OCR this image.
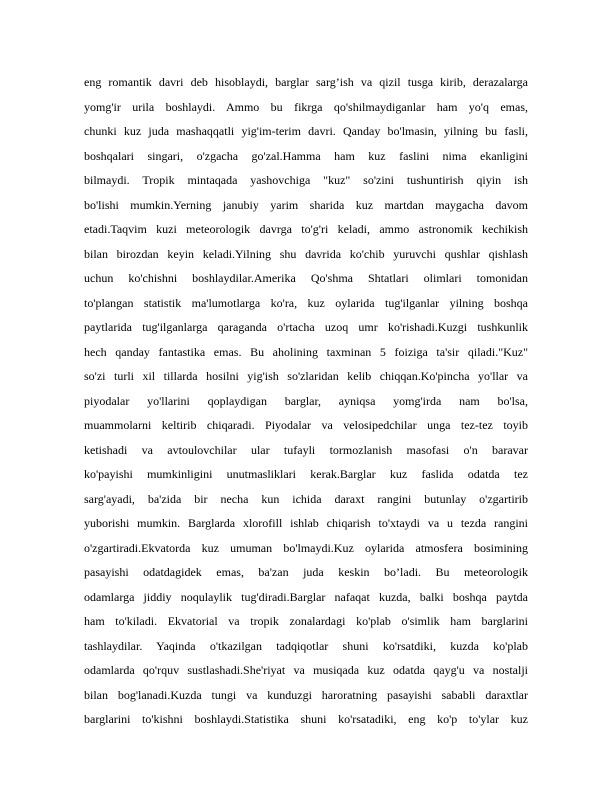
eng romantik davri deb hisoblaydi, barglar sarg’ish va qizil tusga kirib, derazalarga
yomg'ir urila boshlaydi. Ammo bu fikrga qo'shilmaydiganlar ham yo'q emas,
chunki kuz juda mashaqqatli yig'im-terim davri. Qanday bo'lmasin, yilning bu fasli,
boshqalari singari, o'zgacha go'zal.Hamma ham kuz faslini nima ekanligini
bilmaydi. Tropik mintaqada yashovchiga "kuz" so'zini tushuntirish qiyin ish
bo'lishi mumkin.Yerning janubiy yarim sharida kuz martdan maygacha davom
etadi.Taqvim kuzi meteorologik davrga to'g'ri keladi, ammo astronomik kechikish
bilan birozdan keyin keladi.Yilning shu davrida ko'chib yuruvchi qushlar qishlash
uchun ko'chishni boshlaydilar.Amerika Qo'shma Shtatlari olimlari tomonidan
to'plangan statistik ma'lumotlarga ko'ra, kuz oylarida tug'ilganlar yilning boshqa
paytlarida tug'ilganlarga qaraganda o'rtacha uzoq umr ko'rishadi.Kuzgi tushkunlik
hech qanday fantastika emas. Bu aholining taxminan 5 foiziga ta'sir qiladi."Kuz"
so'zi turli xil tillarda hosilni yig'ish so'zlaridan kelib chiqqan.Ko'pincha yo'llar va
piyodalar yo'llarini qoplaydigan barglar, ayniqsa yomg'irda nam bo'lsa,
muammolarni keltirib chiqaradi. Piyodalar va velosipedchilar unga tez-tez toyib
ketishadi va avtoulovchilar ular tufayli tormozlanish masofasi o'n baravar
ko'payishi mumkinligini unutmasliklari kerak.Barglar kuz faslida odatda tez
sarg'ayadi, ba'zida bir necha kun ichida daraxt rangini butunlay o'zgartirib
yuborishi mumkin. Barglarda xlorofill ishlab chiqarish to'xtaydi va u tezda rangini
o'zgartiradi.Ekvatorda kuz umuman bo'lmaydi.Kuz oylarida atmosfera bosimining
pasayishi odatdagidek emas, ba'zan juda keskin bo’ladi. Bu meteorologik
odamlarga jiddiy noqulaylik tug'diradi.Barglar nafaqat kuzda, balki boshqa paytda
ham to'kiladi. Ekvatorial va tropik zonalardagi ko'plab o'simlik ham barglarini
tashlaydilar. Yaqinda o'tkazilgan tadqiqotlar shuni ko'rsatdiki, kuzda ko'plab
odamlarda qo'rquv sustlashadi.She'riyat va musiqada kuz odatda qayg'u va nostalji
bilan bog'lanadi.Kuzda tungi va kunduzgi haroratning pasayishi sababli daraxtlar
barglarini to'kishni boshlaydi.Statistika shuni ko'rsatadiki, eng ko'p to'ylar kuz
